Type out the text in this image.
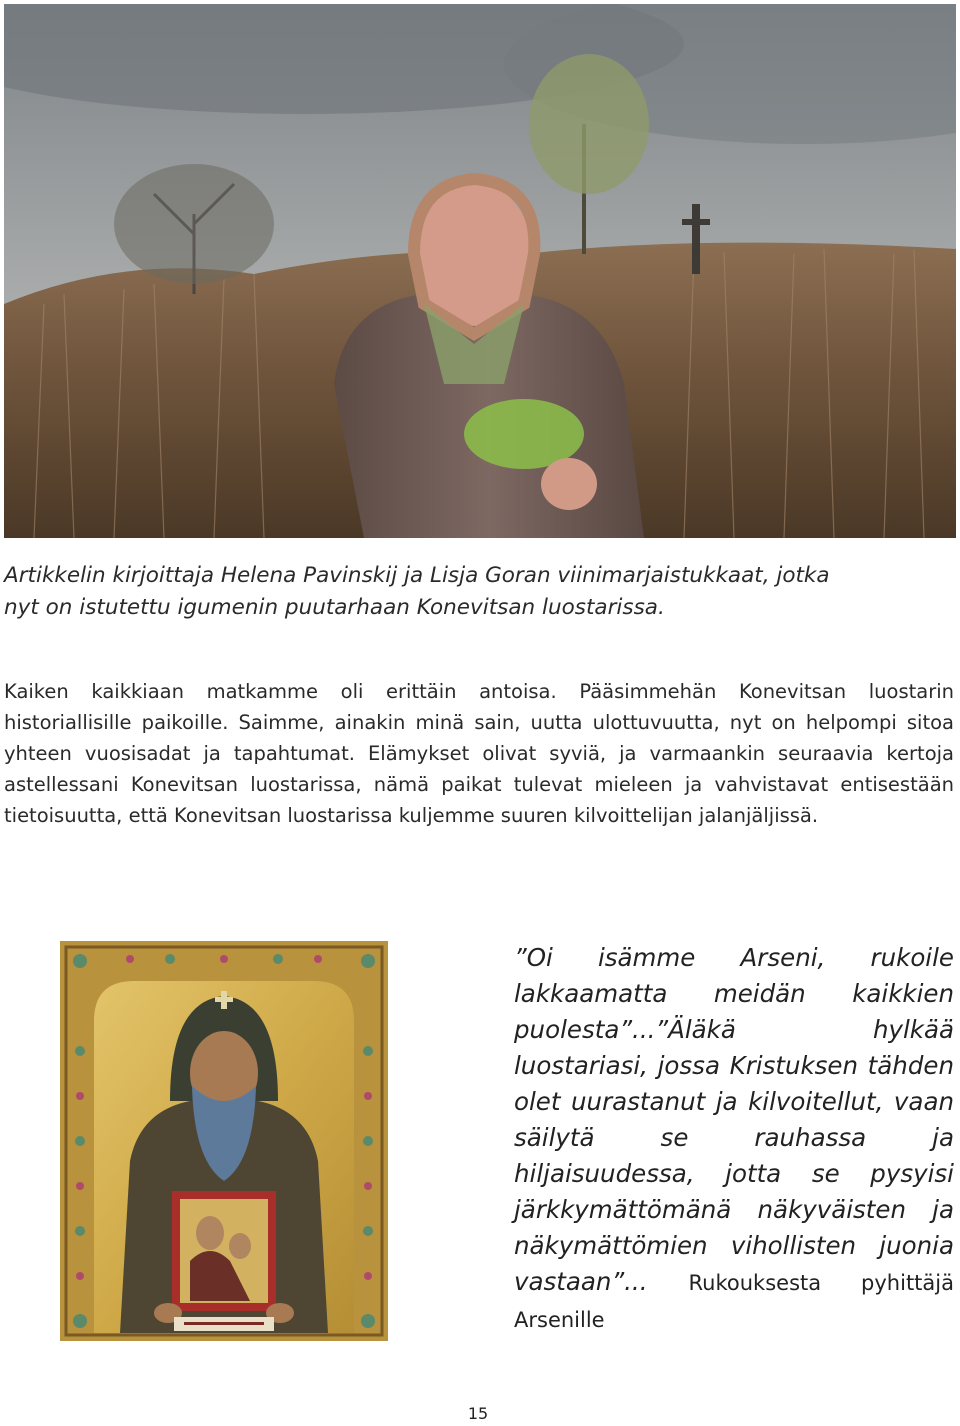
Artikkelin kirjoittaja Helena Pavinskij ja Lisja Goran viinimarjaistukkaat, jotka
nyt on istutettu igumenin puutarhaan Konevitsan luostarissa.

Kaiken kaikkiaan matkamme oli erittäin antoisa. Pääsimmehän Konevitsan luostarin historiallisille paikoille. Saimme, ainakin minä sain, uutta ulottuvuutta, nyt on helpompi sitoa yhteen vuosisadat ja tapahtumat. Elämykset olivat syviä, ja varmaankin seuraavia kertoja astellessani Konevitsan luostarissa, nämä paikat tulevat mieleen ja vahvistavat entisestään tietoisuutta, että Konevitsan luostarissa kuljemme suuren kilvoittelijan jalanjäljissä.

”Oi isämme Arseni, rukoile lakkaamatta meidän kaikkien puolesta”...”Äläkä hylkää luostariasi, jossa Kristuksen tähden olet uurastanut ja kilvoitellut, vaan säilytä se rauhassa ja hiljaisuudessa, jotta se pysyisi järkkymättömänä näkyväisten ja näkymättömien vihollisten juonia vastaan”... Rukouksesta pyhittäjä Arsenille

15
